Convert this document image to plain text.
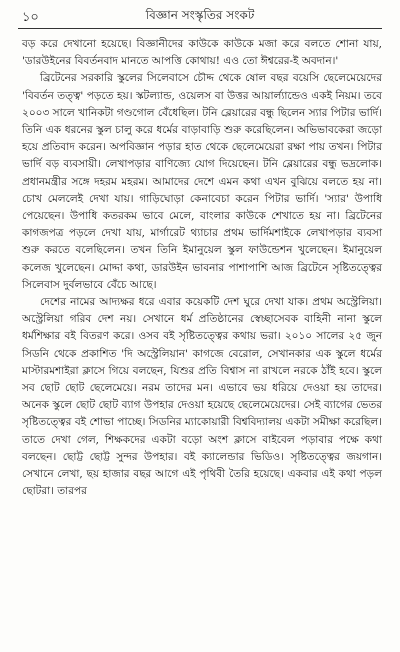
১০	বিজ্ঞান সংস্কৃতির সংকট

বড় করে দেখানো হয়েছে। বিজ্ঞানীদের কাউকে কাউকে মজা করে বলতে শোনা যায়, 'ডারউইনের বিবর্তনবাদ মানতে আপত্তি কোথায়! এও তো ঈশ্বরের-ই অবদান।'

ব্রিটেনের সরকারি স্কুলের সিলেবাসে চৌদ্দ থেকে ষোল বছর বয়েসি ছেলেমেয়েদের 'বিবর্তন তত্ত্ব' পড়তে হয়। স্কটল্যান্ড, ওয়েলস বা উত্তর আয়ার্ল্যান্ডেও একই নিয়ম। তবে ২০০৩ সালে খানিকটা গণ্ডগোল বেঁধেছিল। টনি ব্লেয়ারের বন্ধু ছিলেন স্যার পিটার ভার্দি। তিনি এক ধরনের স্কুল চালু করে ধর্মের বাড়াবাড়ি শুরু করেছিলেন। অভিভাবকেরা জড়ো হয়ে প্রতিবাদ করেন। অপবিজ্ঞান পড়ার হাত থেকে ছেলেমেয়েরা রক্ষা পায় তখন। পিটার ভার্দি বড় ব্যবসায়ী। লেখাপড়ার বাণিজ্যে যোগ দিয়েছেন। টনি ব্লেয়ারের বন্ধু ভদ্রলোক। প্রধানমন্ত্রীর সঙ্গে দহরম মহরম। আমাদের দেশে এমন কথা এখন বুঝিয়ে বলতে হয় না। চোখ মেললেই দেখা যায়। গাড়িঘোড়া কেনাবেচা করেন পিটার ভার্দি। 'স্যার' উপাধি পেয়েছেন। উপাধি কতরকম ভাবে মেলে, বাংলার কাউকে শেখাতে হয় না। ব্রিটেনের কাগজপত্র পড়লে দেখা যায়, মার্গারেট থ্যাচার প্রথম ভার্দিমশাইকে লেখাপড়ার ব্যবসা শুরু করতে বলেছিলেন। তখন তিনি ইমানুয়েল স্কুল ফাউন্ডেশন খুলেছেন। ইমানুয়েল কলেজ খুলেছেন। মোদ্দা কথা, ডারউইন ভাবনার পাশাপাশি আজ ব্রিটেনে সৃষ্টিতত্ত্বের সিলেবাস দুর্বলভাবে বেঁচে আছে।

দেশের নামের আদ্যক্ষর ধরে এবার কয়েকটি দেশ ঘুরে দেখা যাক। প্রথম অস্ট্রেলিয়া। অস্ট্রেলিয়া গরিব দেশ নয়। সেখানে ধর্ম প্রতিষ্ঠানের স্বেচ্ছাসেবক বাহিনী নানা স্কুলে ধর্মশিক্ষার বই বিতরণ করে। ওসব বই সৃষ্টিতত্ত্বের কথায় ভরা। ২০১০ সালের ২৫ জুন সিডনি থেকে প্রকাশিত 'দি অস্ট্রেলিয়ান' কাগজে বেরোল, সেখানকার এক স্কুলে ধর্মের মাস্টারমশাইরা ক্লাসে গিয়ে বলছেন, যিশুর প্রতি বিশ্বাস না রাখলে নরকে ঠাঁই হবে। স্কুলে সব ছোট ছোট ছেলেমেয়ে। নরম তাদের মন। এভাবে ভয় ধরিয়ে দেওয়া হয় তাদের। অনেক স্কুলে ছোট ছোট ব্যাগ উপহার দেওয়া হয়েছে ছেলেমেয়েদের। সেই ব্যাগের ভেতর সৃষ্টিতত্ত্বের বই শোভা পাচ্ছে। সিডনির ম্যাকোয়ারী বিশ্ববিদ্যালয় একটা সমীক্ষা করেছিল। তাতে দেখা গেল, শিক্ষকদের একটা বড়ো অংশ ক্লাসে বাইবেল পড়াবার পক্ষে কথা বলছেন। ছোট্ট ছোট্ট সুন্দর উপহার। বই ক্যালেন্ডার ভিডিও। সৃষ্টিতত্ত্বের জয়গান। সেখানে লেখা, ছয় হাজার বছর আগে এই পৃথিবী তৈরি হয়েছে। একবার এই কথা পড়ল ছোটরা। তারপর
